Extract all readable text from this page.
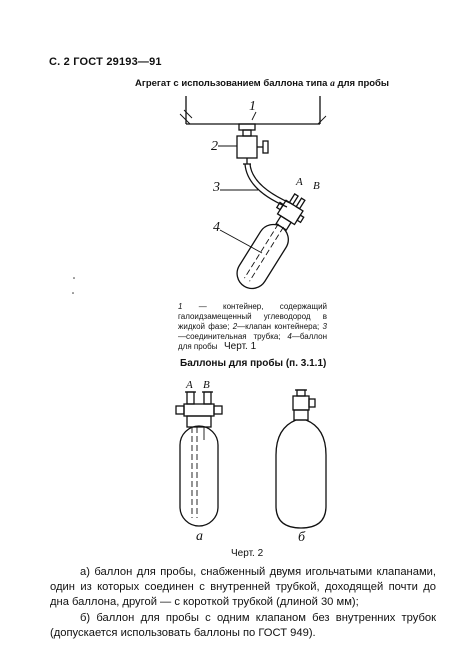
С. 2 ГОСТ 29193—91
Агрегат с использованием баллона типа а для пробы
1
2
3	A B
4
A B
а	б
1 — контейнер, содержащий галоидзамещенный углеводород в жидкой фазе; 2—клапан контейнера; 3—соединительная трубка; 4—баллон для пробы Черт. 1
Баллоны для пробы (п. 3.1.1)
Черт. 2

а) баллон для пробы, снабженный двумя игольчатыми клапанами, один из которых соединен с внутренней трубкой, доходящей почти до дна баллона, другой — с короткой трубкой (длиной 30 мм);

б) баллон для пробы с одним клапаном без внутренних трубок (допускается использовать баллоны по ГОСТ 949).
